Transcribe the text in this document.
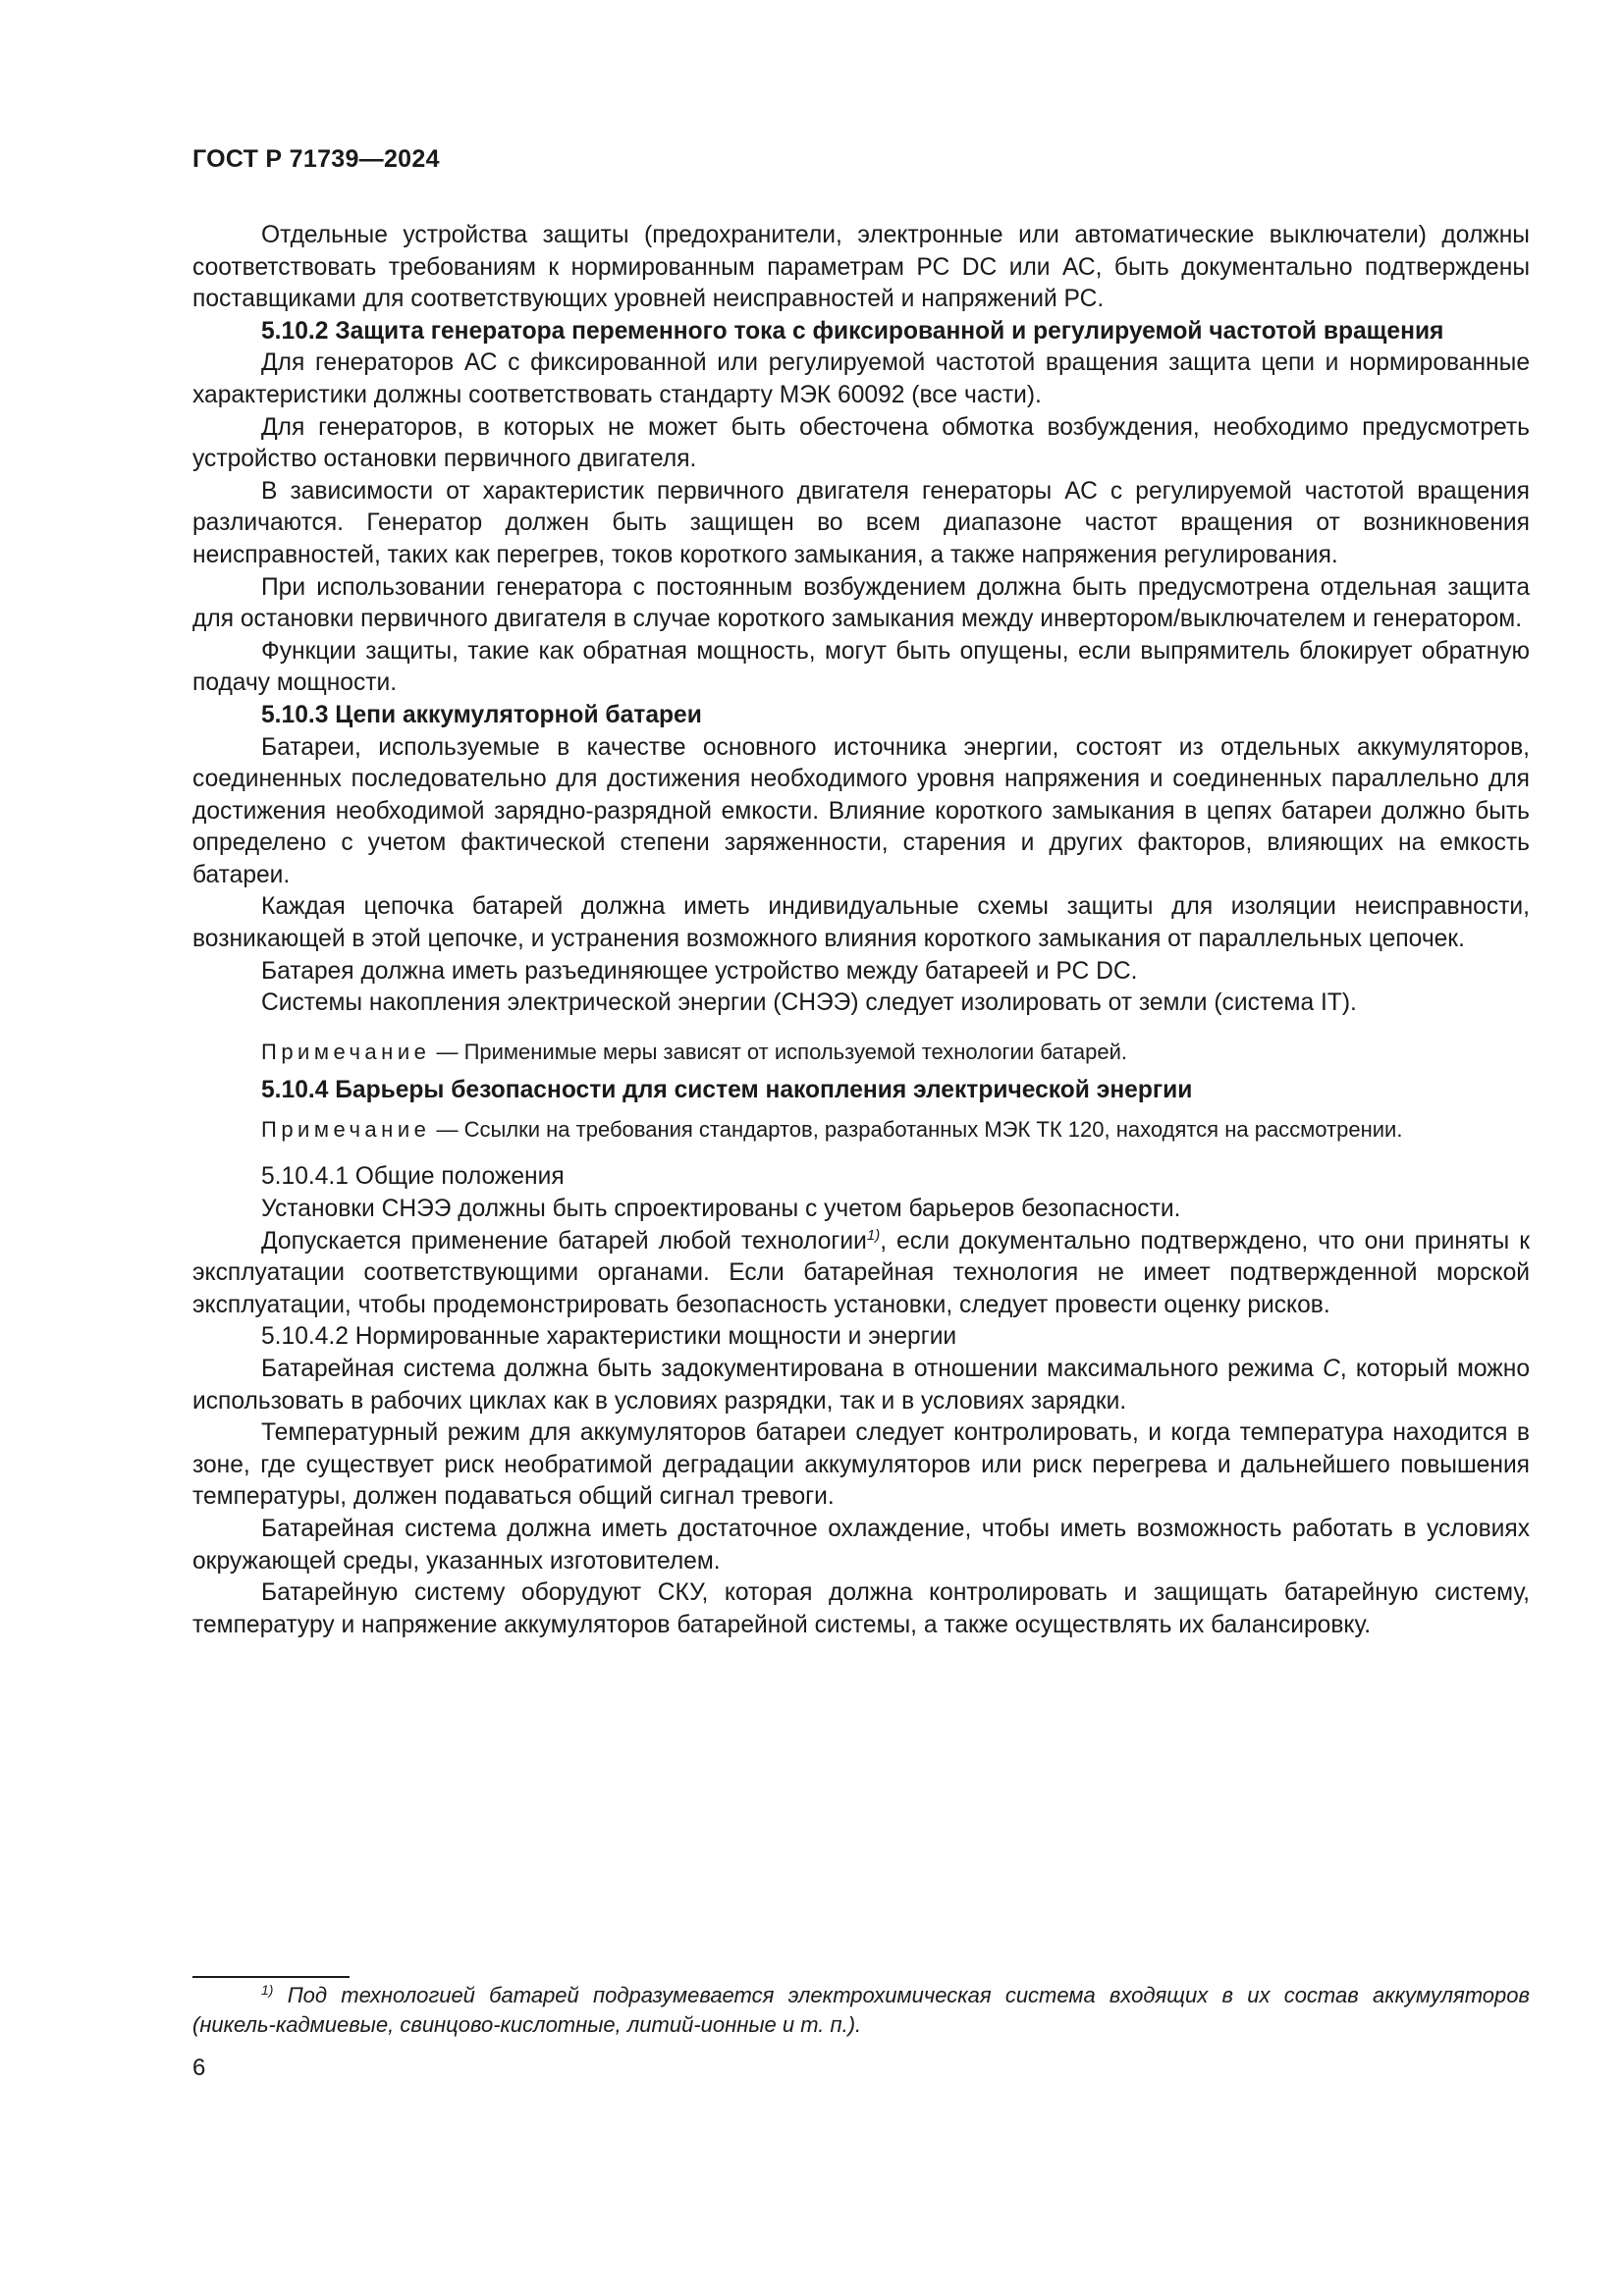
ГОСТ Р 71739—2024

Отдельные устройства защиты (предохранители, электронные или автоматические выключатели) должны соответствовать требованиям к нормированным параметрам РС DC или АС, быть документально подтверждены поставщиками для соответствующих уровней неисправностей и напряжений РС.

5.10.2 Защита генератора переменного тока с фиксированной и регулируемой частотой вращения

Для генераторов АС с фиксированной или регулируемой частотой вращения защита цепи и нормированные характеристики должны соответствовать стандарту МЭК 60092 (все части).

Для генераторов, в которых не может быть обесточена обмотка возбуждения, необходимо предусмотреть устройство остановки первичного двигателя.

В зависимости от характеристик первичного двигателя генераторы АС с регулируемой частотой вращения различаются. Генератор должен быть защищен во всем диапазоне частот вращения от возникновения неисправностей, таких как перегрев, токов короткого замыкания, а также напряжения регулирования.

При использовании генератора с постоянным возбуждением должна быть предусмотрена отдельная защита для остановки первичного двигателя в случае короткого замыкания между инвертором/выключателем и генератором.

Функции защиты, такие как обратная мощность, могут быть опущены, если выпрямитель блокирует обратную подачу мощности.

5.10.3 Цепи аккумуляторной батареи

Батареи, используемые в качестве основного источника энергии, состоят из отдельных аккумуляторов, соединенных последовательно для достижения необходимого уровня напряжения и соединенных параллельно для достижения необходимой зарядно-разрядной емкости. Влияние короткого замыкания в цепях батареи должно быть определено с учетом фактической степени заряженности, старения и других факторов, влияющих на емкость батареи.

Каждая цепочка батарей должна иметь индивидуальные схемы защиты для изоляции неисправности, возникающей в этой цепочке, и устранения возможного влияния короткого замыкания от параллельных цепочек.

Батарея должна иметь разъединяющее устройство между батареей и РС DC.

Системы накопления электрической энергии (СНЭЭ) следует изолировать от земли (система IT).

Примечание — Применимые меры зависят от используемой технологии батарей.
5.10.4 Барьеры безопасности для систем накопления электрической энергии
Примечание — Ссылки на требования стандартов, разработанных МЭК ТК 120, находятся на рассмотрении.

5.10.4.1 Общие положения

Установки СНЭЭ должны быть спроектированы с учетом барьеров безопасности.

Допускается применение батарей любой технологии$^{1)}$, если документально подтверждено, что они приняты к эксплуатации соответствующими органами. Если батарейная технология не имеет подтвержденной морской эксплуатации, чтобы продемонстрировать безопасность установки, следует провести оценку рисков.

5.10.4.2 Нормированные характеристики мощности и энергии

Батарейная система должна быть задокументирована в отношении максимального режима C, который можно использовать в рабочих циклах как в условиях разрядки, так и в условиях зарядки.

Температурный режим для аккумуляторов батареи следует контролировать, и когда температура находится в зоне, где существует риск необратимой деградации аккумуляторов или риск перегрева и дальнейшего повышения температуры, должен подаваться общий сигнал тревоги.

Батарейная система должна иметь достаточное охлаждение, чтобы иметь возможность работать в условиях окружающей среды, указанных изготовителем.

Батарейную систему оборудуют СКУ, которая должна контролировать и защищать батарейную систему, температуру и напряжение аккумуляторов батарейной системы, а также осуществлять их балансировку.

$^{1)}$ Под технологией батарей подразумевается электрохимическая система входящих в их состав аккумуляторов (никель-кадмиевые, свинцово-кислотные, литий-ионные и т. п.).
6
